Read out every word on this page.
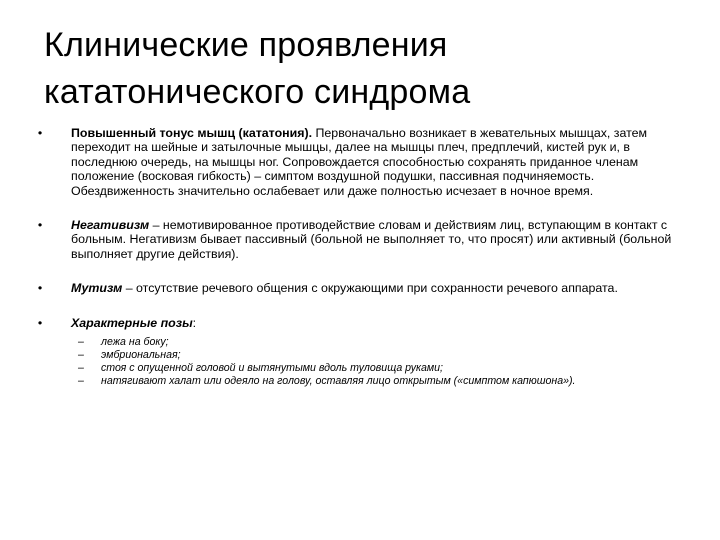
Клинические проявления
кататонического синдрома
•	Повышенный тонус мышц (кататония). Первоначально возникает в жевательных мышцах, затем переходит на шейные и затылочные мышцы, далее на мышцы плеч, предплечий, кистей рук и, в последнюю очередь, на мышцы ног. Сопровождается способностью сохранять приданное членам положение (восковая гибкость) – симптом воздушной подушки, пассивная подчиняемость. Обездвиженность значительно ослабевает или даже полностью исчезает в ночное время.
•	Негативизм – немотивированное противодействие словам и действиям лиц, вступающим в контакт с больным. Негативизм бывает пассивный (больной не выполняет то, что просят) или активный (больной выполняет другие действия).
•	Мутизм – отсутствие речевого общения с окружающими при сохранности речевого аппарата.
•	Характерные позы:
– лежа на боку;
– эмбриональная;
– стоя с опущенной головой и вытянутыми вдоль туловища руками;
– натягивают халат или одеяло на голову, оставляя лицо открытым («симптом капюшона»).
